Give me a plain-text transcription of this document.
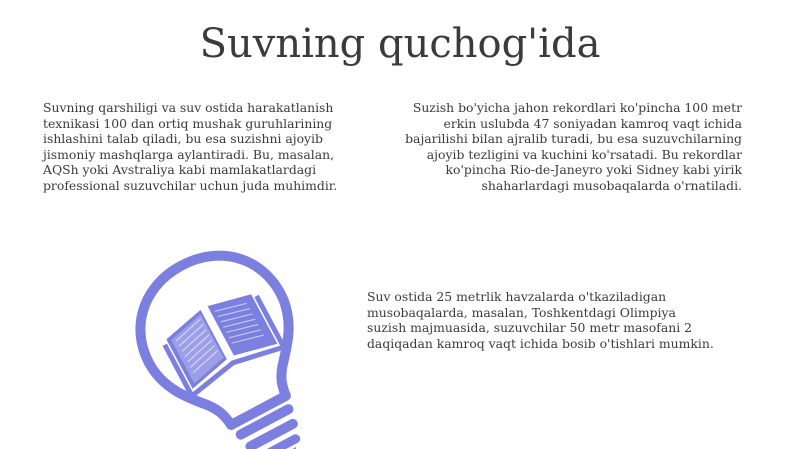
Suvning quchog'ida
Suvning qarshiligi va suv ostida harakatlanish texnikasi 100 dan ortiq mushak guruhlarining ishlashini talab qiladi, bu esa suzishni ajoyib jismoniy mashqlarga aylantiradi. Bu, masalan, AQSh yoki Avstraliya kabi mamlakatlardagi professional suzuvchilar uchun juda muhimdir.
Suzish bo'yicha jahon rekordlari ko'pincha 100 metr erkin uslubda 47 soniyadan kamroq vaqt ichida bajarilishi bilan ajralib turadi, bu esa suzuvchilarning ajoyib tezligini va kuchini ko'rsatadi. Bu rekordlar ko'pincha Rio-de-Janeyro yoki Sidney kabi yirik shaharlardagi musobaqalarda o'rnatiladi.
Suv ostida 25 metrlik havzalarda o'tkaziladigan musobaqalarda, masalan, Toshkentdagi Olimpiya suzish majmuasida, suzuvchilar 50 metr masofani 2 daqiqadan kamroq vaqt ichida bosib o'tishlari mumkin.
